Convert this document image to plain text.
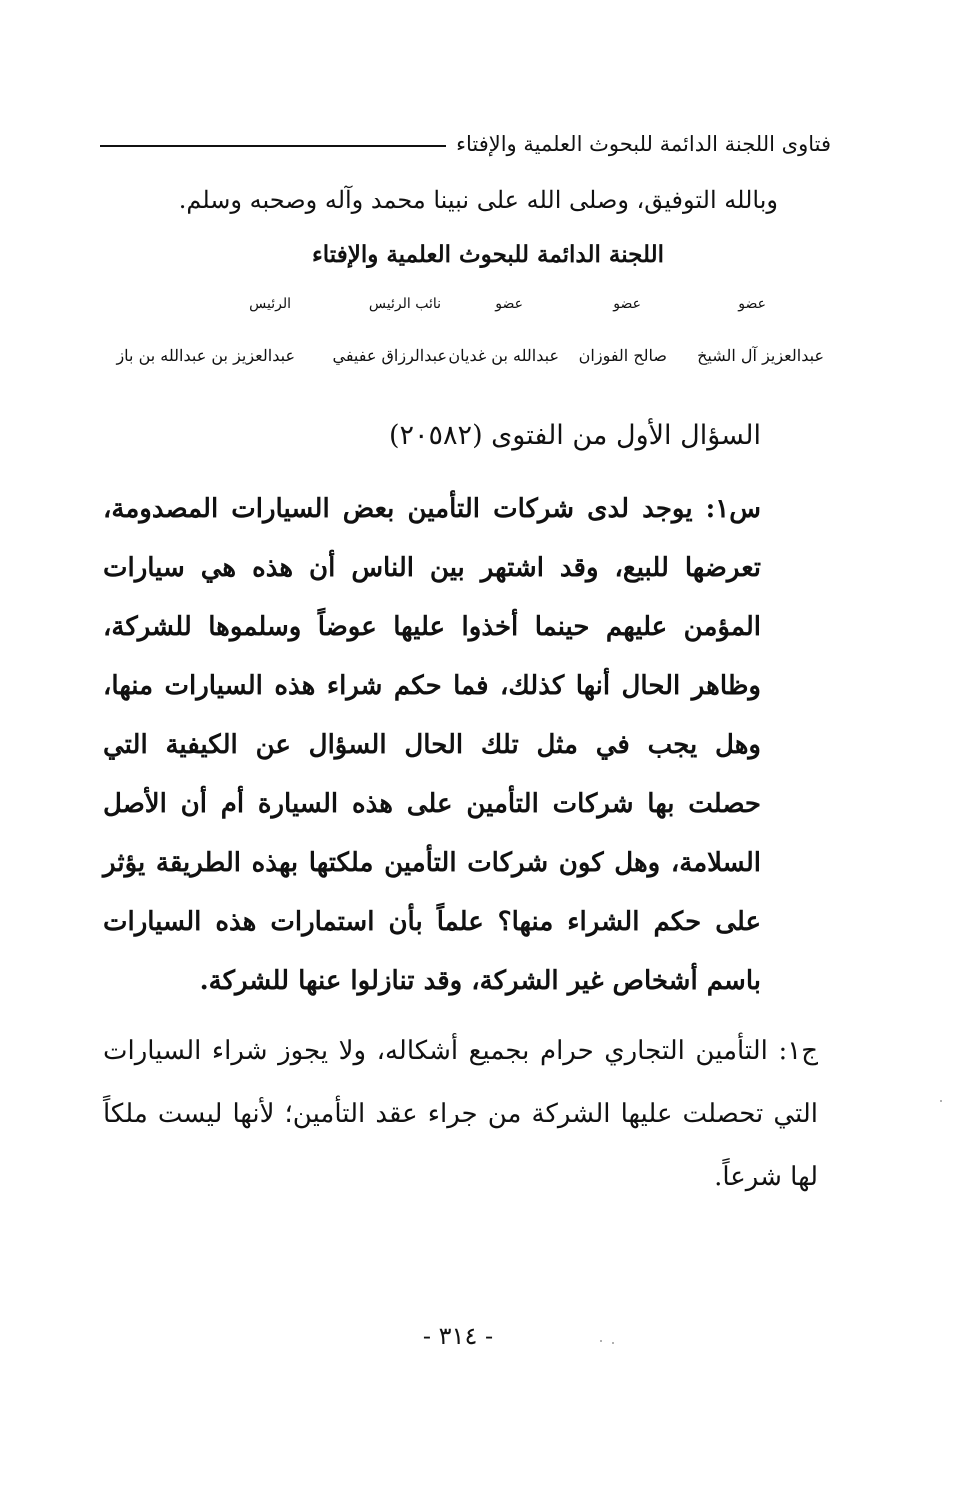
فتاوى اللجنة الدائمة للبحوث العلمية والإفتاء
وبالله التوفيق، وصلى الله على نبينا محمد وآله وصحبه وسلم.
اللجنة الدائمة للبحوث العلمية والإفتاء
عضو
عضو
عضو
نائب الرئيس
الرئيس
عبدالعزيز آل الشيخ
صالح الفوزان
عبدالله بن غديان
عبدالرزاق عفيفي
عبدالعزيز بن عبدالله بن باز
السؤال الأول من الفتوى (٢٠٥٨٢)
س١: يوجد لدى شركات التأمين بعض السيارات المصدومة، تعرضها للبيع، وقد اشتهر بين الناس أن هذه هي سيارات المؤمن عليهم حينما أخذوا عليها عوضاً وسلموها للشركة، وظاهر الحال أنها كذلك، فما حكم شراء هذه السيارات منها، وهل يجب في مثل تلك الحال السؤال عن الكيفية التي حصلت بها شركات التأمين على هذه السيارة أم أن الأصل السلامة، وهل كون شركات التأمين ملكتها بهذه الطريقة يؤثر على حكم الشراء منها؟ علماً بأن استمارات هذه السيارات باسم أشخاص غير الشركة، وقد تنازلوا عنها للشركة.
ج١: التأمين التجاري حرام بجميع أشكاله، ولا يجوز شراء السيارات التي تحصلت عليها الشركة من جراء عقد التأمين؛ لأنها ليست ملكاً لها شرعاً.
- ٣١٤ -
